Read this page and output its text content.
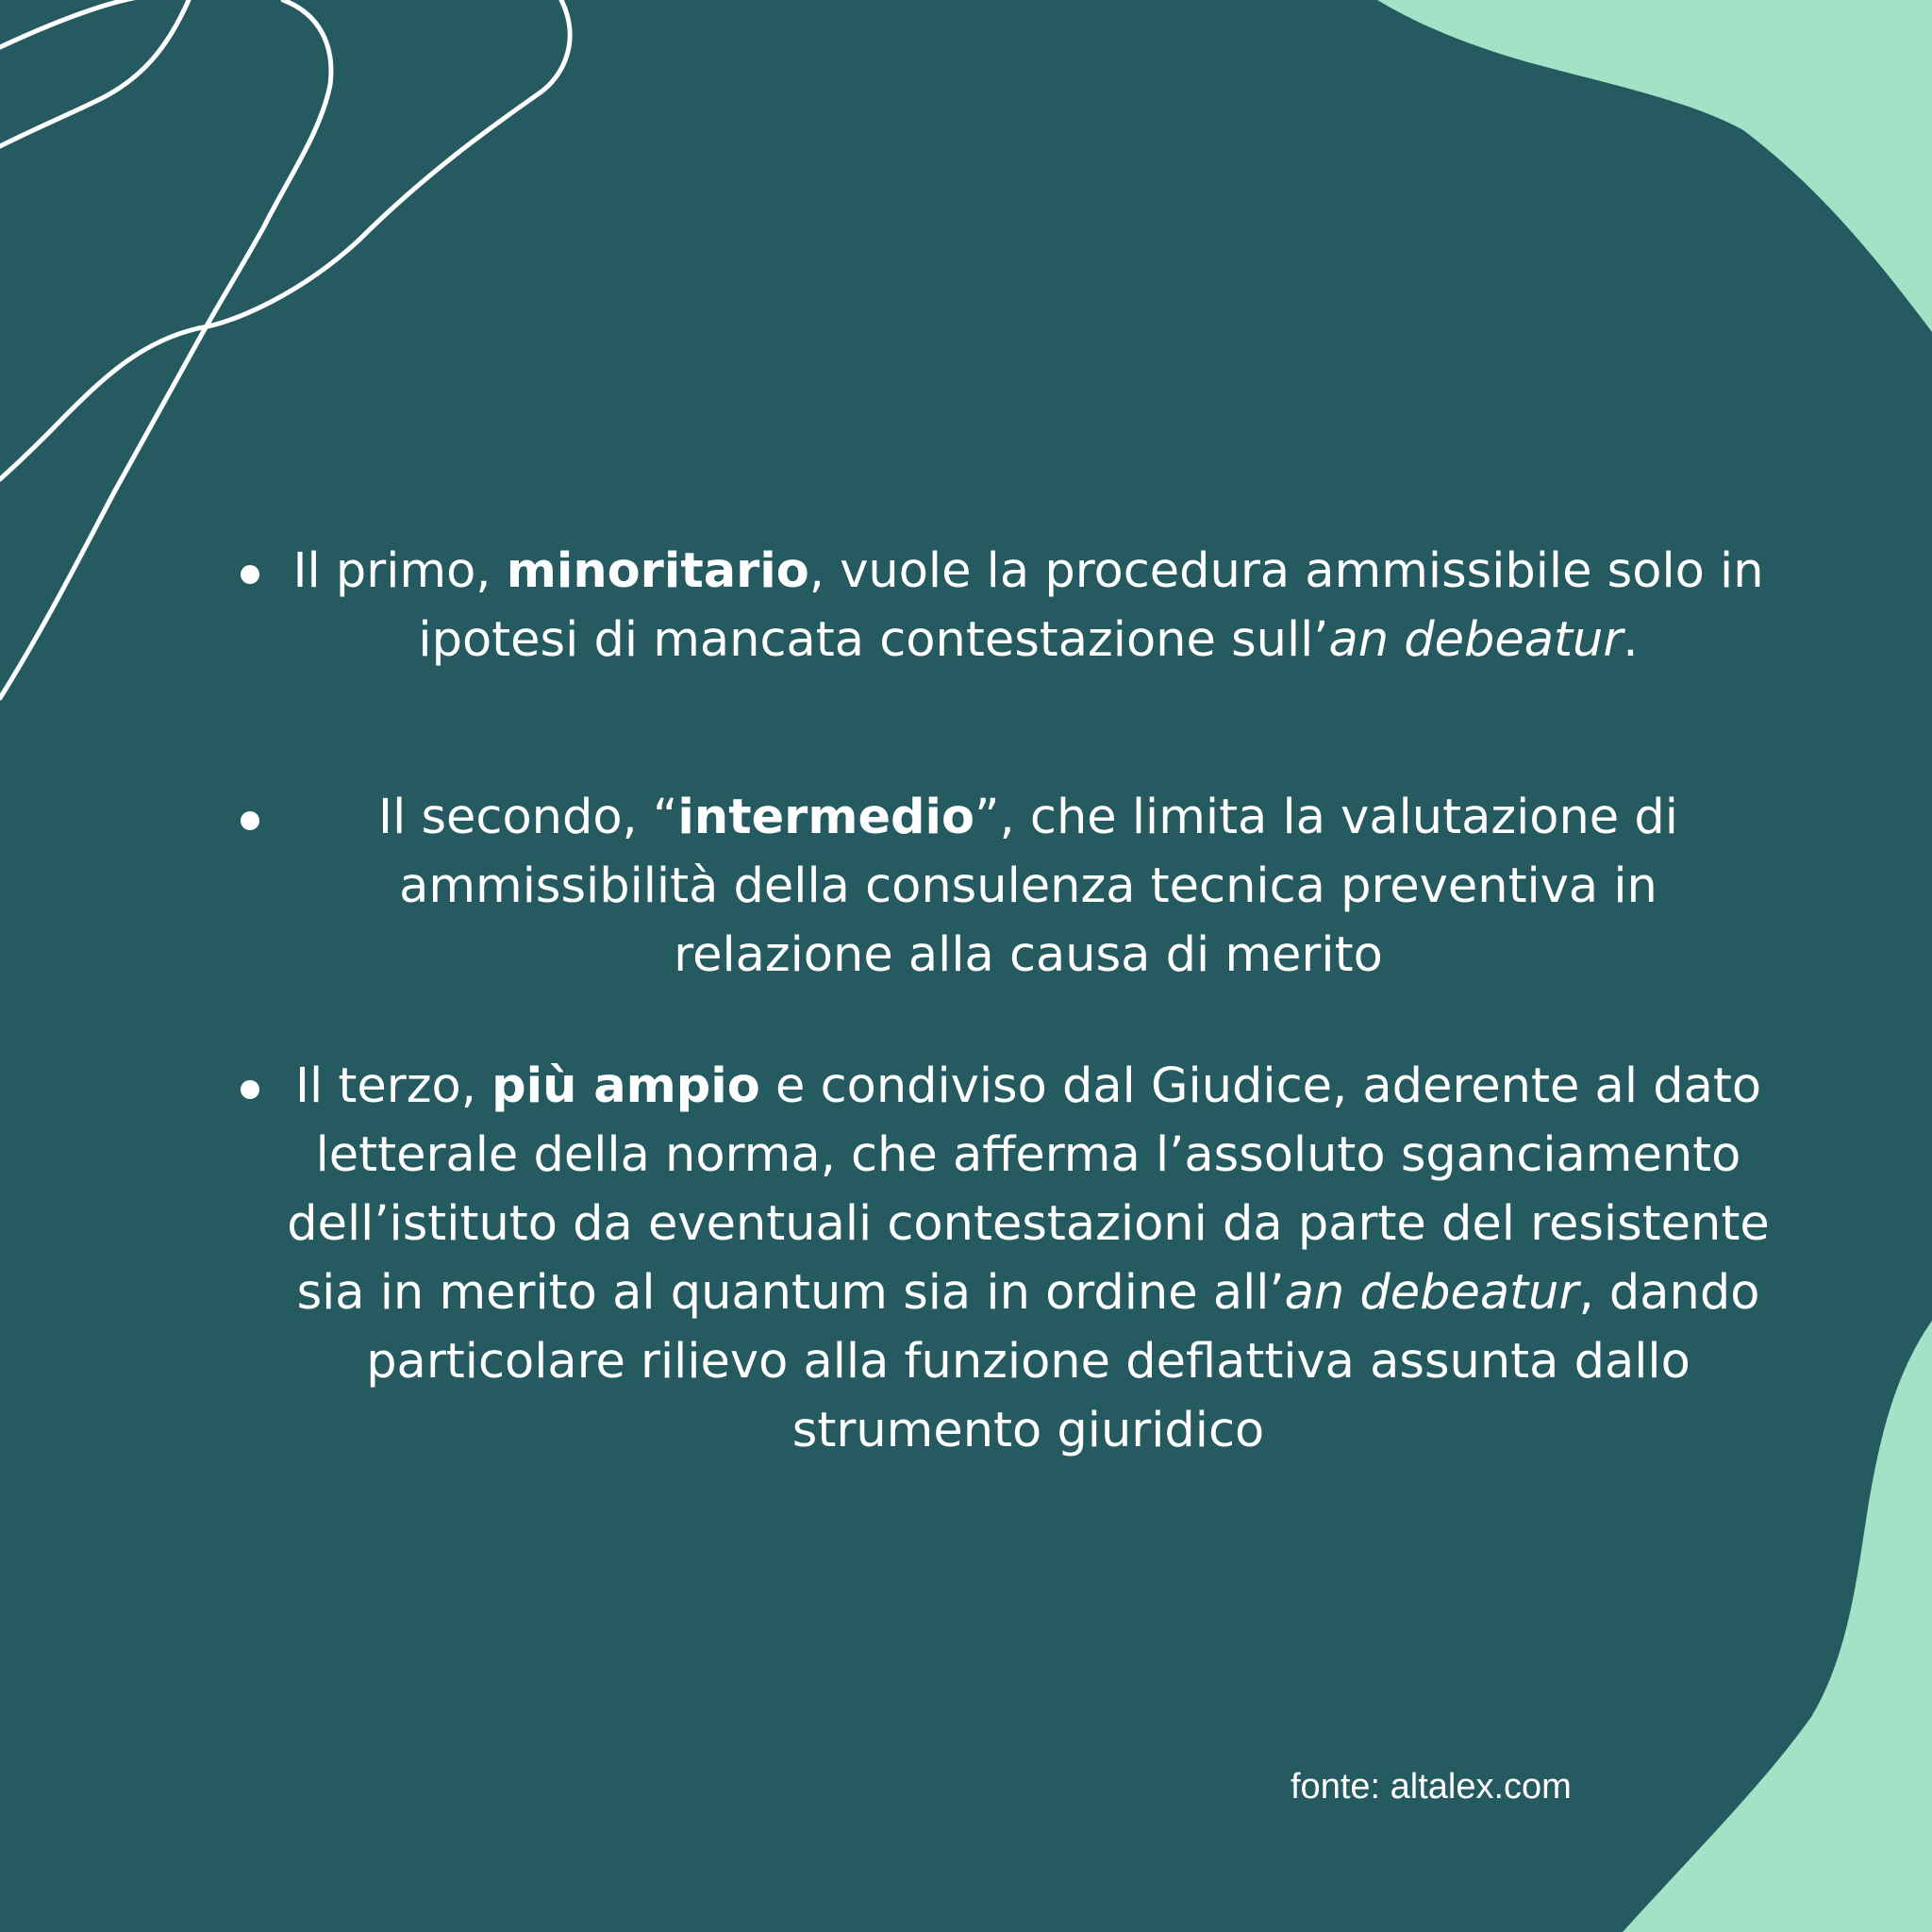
Il primo, minoritario, vuole la procedura ammissibile solo in ipotesi di mancata contestazione sull’an debeatur.
Il secondo, “intermedio”, che limita la valutazione di ammissibilità della consulenza tecnica preventiva in relazione alla causa di merito
Il terzo, più ampio e condiviso dal Giudice, aderente al dato letterale della norma, che afferma l’assoluto sganciamento dell’istituto da eventuali contestazioni da parte del resistente sia in merito al quantum sia in ordine all’an debeatur, dando particolare rilievo alla funzione deflattiva assunta dallo strumento giuridico
fonte: altalex.com
